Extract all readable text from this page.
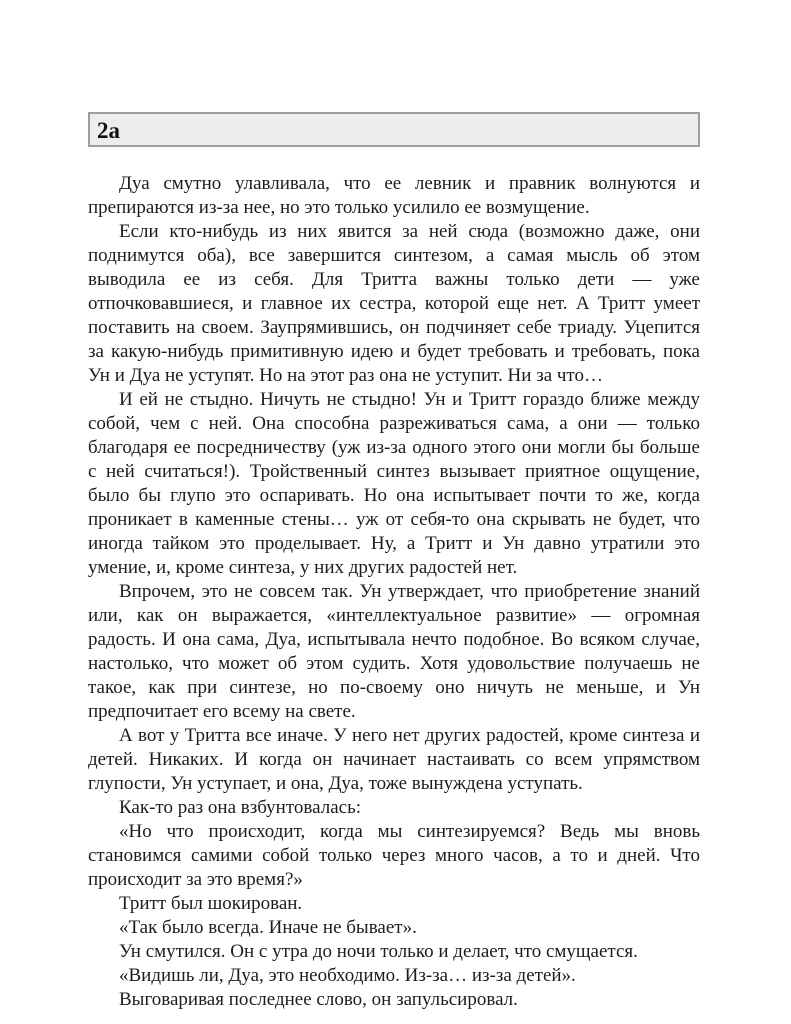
2a

Дуа смутно улавливала, что ее левник и правник волнуются и препираются из-за нее, но это только усилило ее возмущение.

Если кто-нибудь из них явится за ней сюда (возможно даже, они поднимутся оба), все завершится синтезом, а самая мысль об этом выводила ее из себя. Для Тритта важны только дети — уже отпочковавшиеся, и главное их сестра, которой еще нет. А Тритт умеет поставить на своем. Заупрямившись, он подчиняет себе триаду. Уцепится за какую-нибудь примитивную идею и будет требовать и требовать, пока Ун и Дуа не уступят. Но на этот раз она не уступит. Ни за что…

И ей не стыдно. Ничуть не стыдно! Ун и Тритт гораздо ближе между собой, чем с ней. Она способна разреживаться сама, а они — только благодаря ее посредничеству (уж из-за одного этого они могли бы больше с ней считаться!). Тройственный синтез вызывает приятное ощущение, было бы глупо это оспаривать. Но она испытывает почти то же, когда проникает в каменные стены… уж от себя-то она скрывать не будет, что иногда тайком это проделывает. Ну, а Тритт и Ун давно утратили это умение, и, кроме синтеза, у них других радостей нет.

Впрочем, это не совсем так. Ун утверждает, что приобретение знаний или, как он выражается, «интеллектуальное развитие» — огромная радость. И она сама, Дуа, испытывала нечто подобное. Во всяком случае, настолько, что может об этом судить. Хотя удовольствие получаешь не такое, как при синтезе, но по-своему оно ничуть не меньше, и Ун предпочитает его всему на свете.

А вот у Тритта все иначе. У него нет других радостей, кроме синтеза и детей. Никаких. И когда он начинает настаивать со всем упрямством глупости, Ун уступает, и она, Дуа, тоже вынуждена уступать.

Как-то раз она взбунтовалась:

«Но что происходит, когда мы синтезируемся? Ведь мы вновь становимся самими собой только через много часов, а то и дней. Что происходит за это время?»

Тритт был шокирован.

«Так было всегда. Иначе не бывает».

Ун смутился. Он с утра до ночи только и делает, что смущается.

«Видишь ли, Дуа, это необходимо. Из-за… из-за детей».

Выговаривая последнее слово, он запульсировал.
